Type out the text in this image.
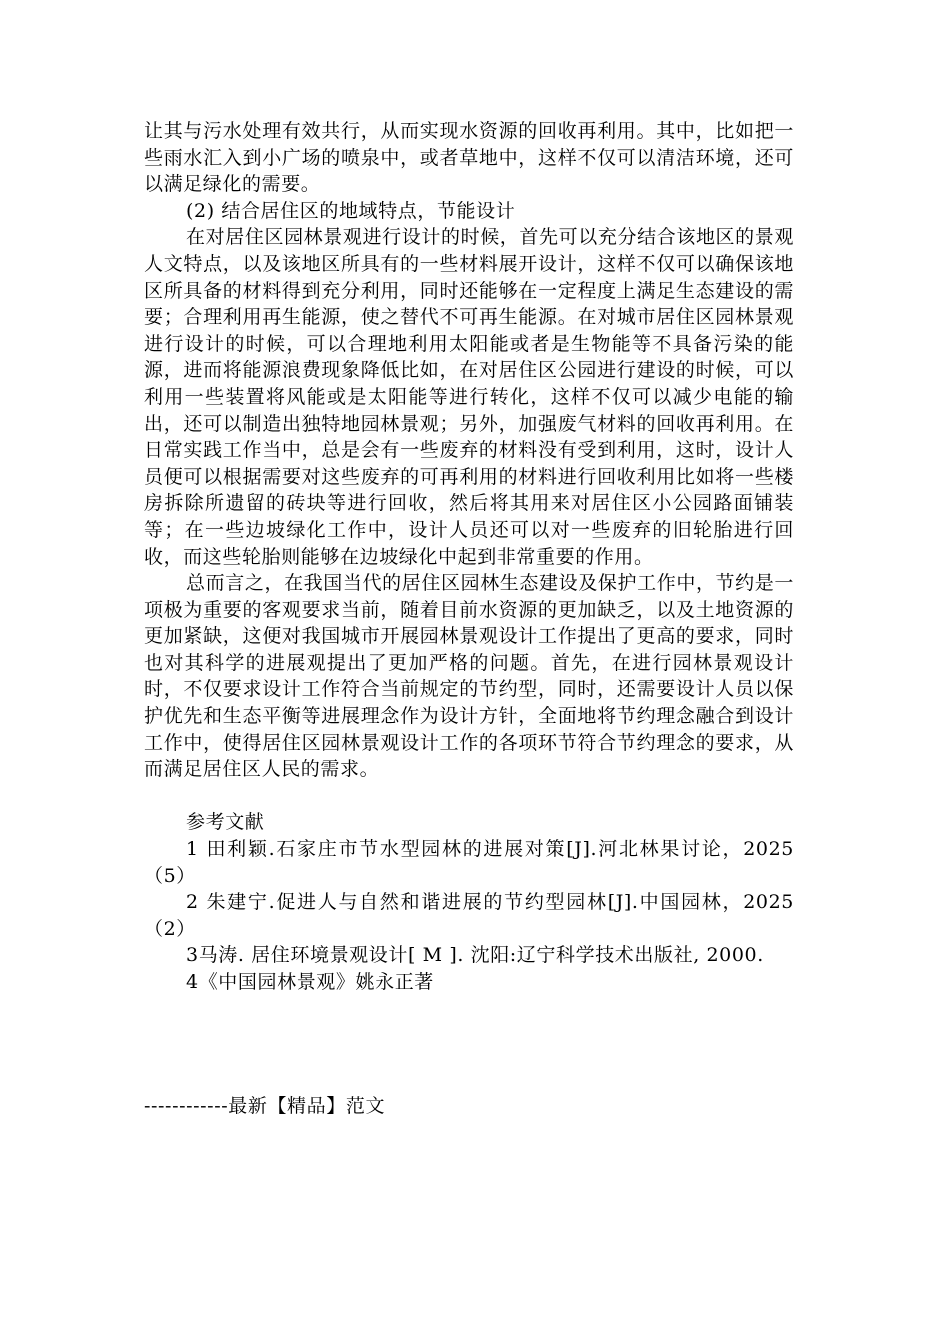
让其与污水处理有效共行，从而实现水资源的回收再利用。其中，比如把一些雨水汇入到小广场的喷泉中，或者草地中，这样不仅可以清洁环境，还可以满足绿化的需要。

(2) 结合居住区的地域特点，节能设计

在对居住区园林景观进行设计的时候，首先可以充分结合该地区的景观人文特点，以及该地区所具有的一些材料展开设计，这样不仅可以确保该地区所具备的材料得到充分利用，同时还能够在一定程度上满足生态建设的需要；合理利用再生能源，使之替代不可再生能源。在对城市居住区园林景观进行设计的时候，可以合理地利用太阳能或者是生物能等不具备污染的能源，进而将能源浪费现象降低比如，在对居住区公园进行建设的时候，可以利用一些装置将风能或是太阳能等进行转化，这样不仅可以减少电能的输出，还可以制造出独特地园林景观；另外，加强废气材料的回收再利用。在日常实践工作当中，总是会有一些废弃的材料没有受到利用，这时，设计人员便可以根据需要对这些废弃的可再利用的材料进行回收利用比如将一些楼房拆除所遗留的砖块等进行回收，然后将其用来对居住区小公园路面铺装等；在一些边坡绿化工作中，设计人员还可以对一些废弃的旧轮胎进行回收，而这些轮胎则能够在边坡绿化中起到非常重要的作用。

总而言之，在我国当代的居住区园林生态建设及保护工作中，节约是一项极为重要的客观要求当前，随着目前水资源的更加缺乏，以及土地资源的更加紧缺，这便对我国城市开展园林景观设计工作提出了更高的要求，同时也对其科学的进展观提出了更加严格的问题。首先，在进行园林景观设计时，不仅要求设计工作符合当前规定的节约型，同时，还需要设计人员以保护优先和生态平衡等进展理念作为设计方针，全面地将节约理念融合到设计工作中，使得居住区园林景观设计工作的各项环节符合节约理念的要求，从而满足居住区人民的需求。

参考文献

1 田利颖.石家庄市节水型园林的进展对策[J].河北林果讨论，2025（5）

2 朱建宁.促进人与自然和谐进展的节约型园林[J].中国园林，2025（2）

3马涛. 居住环境景观设计[ M ]. 沈阳:辽宁科学技术出版社, 2000.

4《中国园林景观》姚永正著

------------最新【精品】范文
